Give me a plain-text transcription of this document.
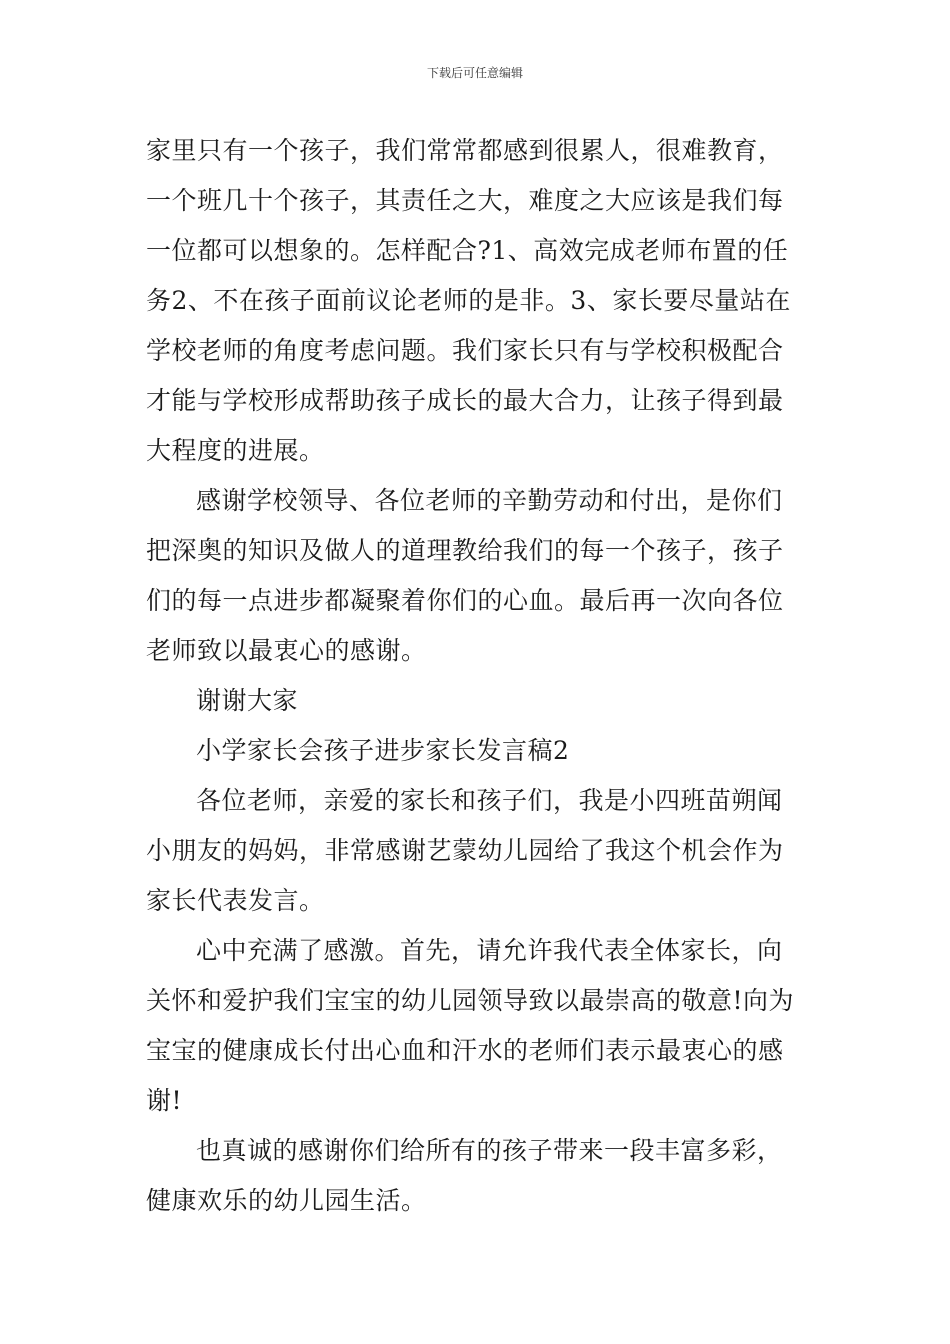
下载后可任意编辑
家里只有一个孩子，我们常常都感到很累人，很难教育，
一个班几十个孩子，其责任之大，难度之大应该是我们每
一位都可以想象的。怎样配合?1、高效完成老师布置的任
务2、不在孩子面前议论老师的是非。3、家长要尽量站在
学校老师的角度考虑问题。我们家长只有与学校积极配合
才能与学校形成帮助孩子成长的最大合力，让孩子得到最
大程度的进展。
感谢学校领导、各位老师的辛勤劳动和付出，是你们
把深奥的知识及做人的道理教给我们的每一个孩子，孩子
们的每一点进步都凝聚着你们的心血。最后再一次向各位
老师致以最衷心的感谢。
谢谢大家
小学家长会孩子进步家长发言稿2
各位老师，亲爱的家长和孩子们，我是小四班苗朔闻
小朋友的妈妈，非常感谢艺蒙幼儿园给了我这个机会作为
家长代表发言。
心中充满了感激。首先，请允许我代表全体家长，向
关怀和爱护我们宝宝的幼儿园领导致以最崇高的敬意!向为
宝宝的健康成长付出心血和汗水的老师们表示最衷心的感
谢!
也真诚的感谢你们给所有的孩子带来一段丰富多彩，
健康欢乐的幼儿园生活。
